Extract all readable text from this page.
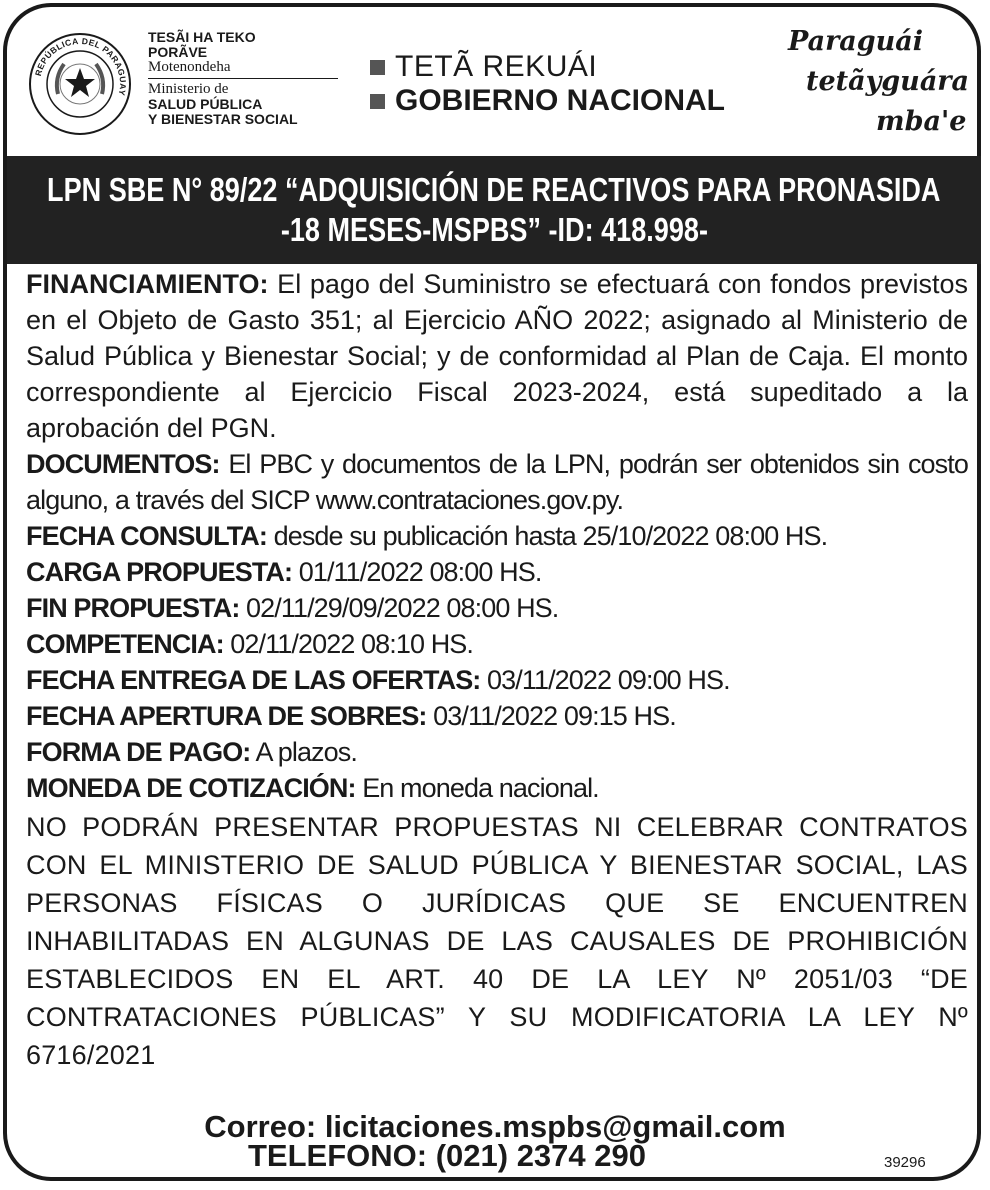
REPÚBLICA DEL PARAGUAY
TESÃI HA TEKO
PORÃVE
Motenondeha
Ministerio de
SALUD PÚBLICA
Y BIENESTAR SOCIAL
TETÃ REKUÁI
GOBIERNO NACIONAL
Paraguái
tetãyguára
mba'e
LPN SBE N° 89/22 “ADQUISICIÓN DE REACTIVOS PARA PRONASIDA
-18 MESES-MSPBS” -ID: 418.998-
FINANCIAMIENTO: El pago del Suministro se efectuará con fondos previstos en el Objeto de Gasto 351; al Ejercicio AÑO 2022; asignado al Ministerio de Salud Pública y Bienestar Social; y de conformidad al Plan de Caja. El monto correspondiente al Ejercicio Fiscal 2023-2024, está supeditado a la aprobación del PGN.
DOCUMENTOS: El PBC y documentos de la LPN, podrán ser obtenidos sin costo alguno, a través del SICP www.contrataciones.gov.py.
FECHA CONSULTA: desde su publicación hasta 25/10/2022 08:00 HS.
CARGA PROPUESTA: 01/11/2022 08:00 HS.
FIN PROPUESTA: 02/11/29/09/2022 08:00 HS.
COMPETENCIA: 02/11/2022 08:10 HS.
FECHA ENTREGA DE LAS OFERTAS: 03/11/2022 09:00 HS.
FECHA APERTURA DE SOBRES: 03/11/2022 09:15 HS.
FORMA DE PAGO: A plazos.
MONEDA DE COTIZACIÓN: En moneda nacional.
NO PODRÁN PRESENTAR PROPUESTAS NI CELEBRAR CONTRATOS CON EL MINISTERIO DE SALUD PÚBLICA Y BIENESTAR SOCIAL, LAS PERSONAS FÍSICAS O JURÍDICAS QUE SE ENCUENTREN INHABILITADAS EN ALGUNAS DE LAS CAUSALES DE PROHIBICIÓN ESTABLECIDOS EN EL ART. 40 DE LA LEY Nº 2051/03 “DE CONTRATACIONES PÚBLICAS” Y SU MODIFICATORIA LA LEY Nº 6716/2021
Correo: licitaciones.mspbs@gmail.com
TELEFONO: (021) 2374 290	39296
